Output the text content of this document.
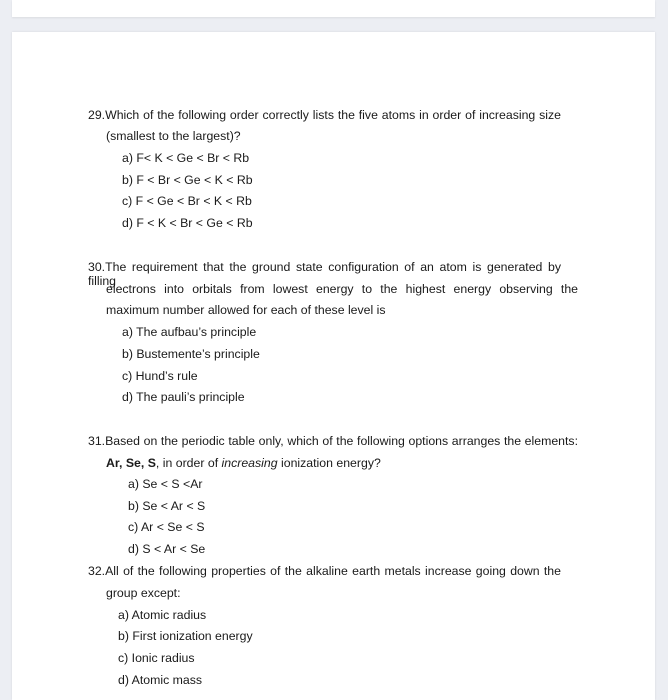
29.Which of the following order correctly lists the five atoms in order of increasing size
(smallest to the largest)?
a) F< K < Ge < Br < Rb
b) F < Br < Ge < K < Rb
c) F < Ge < Br < K < Rb
d) F < K < Br < Ge < Rb
30.The requirement that the ground state configuration of an atom is generated by filling
electrons into orbitals from lowest energy to the highest energy observing the
maximum number allowed for each of these level is
a) The aufbau’s principle
b) Bustemente’s principle
c) Hund’s rule
d) The pauli’s principle
31.Based on the periodic table only, which of the following options arranges the elements:
Ar, Se, S, in order of increasing ionization energy?
a) Se < S <Ar
b) Se < Ar < S
c) Ar < Se < S
d) S < Ar < Se
32.All of the following properties of the alkaline earth metals increase going down the
group except:
a) Atomic radius
b) First ionization energy
c) Ionic radius
d) Atomic mass
